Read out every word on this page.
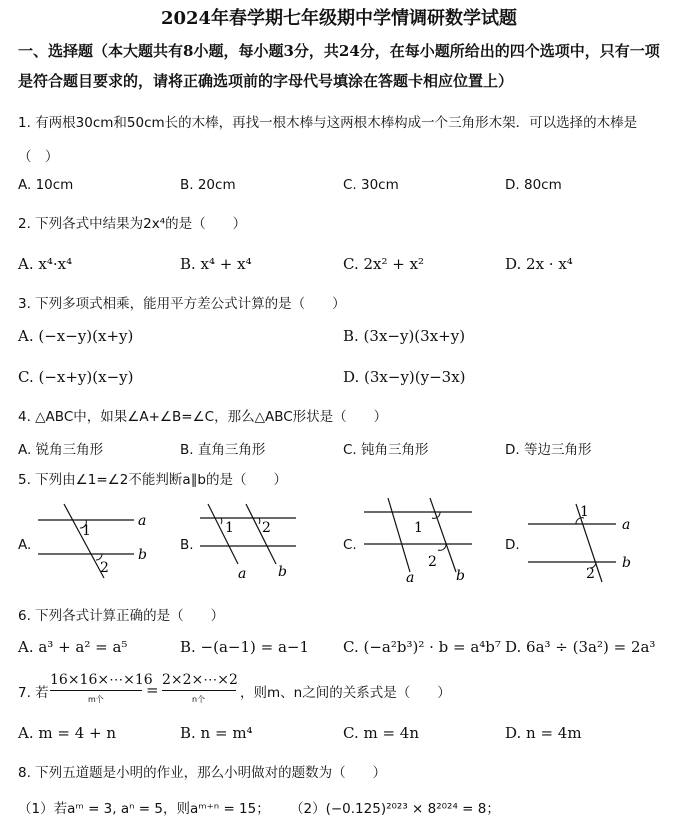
2024年春学期七年级期中学情调研数学试题
一、选择题（本大题共有8小题，每小题3分，共24分，在每小题所给出的四个选项中，只有一项是符合题目要求的，请将正确选项前的字母代号填涂在答题卡相应位置上）
1. 有两根30cm和50cm长的木棒，再找一根木棒与这两根木棒构成一个三角形木架．可以选择的木棒是
（　）
A. 10cm	B. 20cm	C. 30cm	D. 80cm
2. 下列各式中结果为2x⁴的是（　　）
A. x⁴·x⁴	B. x⁴ + x⁴	C. 2x² + x²	D. 2x · x⁴
3. 下列多项式相乘，能用平方差公式计算的是（　　）
A. (−x−y)(x+y)	B. (3x−y)(3x+y)
C. (−x+y)(x−y)	D. (3x−y)(y−3x)
4. △ABC中，如果∠A+∠B=∠C，那么△ABC形状是（　　）
A. 锐角三角形	B. 直角三角形	C. 钝角三角形	D. 等边三角形
5. 下列由∠1=∠2不能判断a∥b的是（　　）
A.	B.	C.	D.
1
2
a
b
1 2
a b
1
2
a	b
1
2
a
b
6. 下列各式计算正确的是（　　）
A. a³ + a² = a⁵	B. −(a−1) = a−1 C. (−a²b³)² · b = a⁴b⁷ D. 6a³ ÷ (3a²) = 2a³
7. 若
16×16×⋯×16
m个
=
2×2×⋯×2
n个	，则m、n之间的关系式是（　　）
A. m = 4 + n	B. n = m⁴	C. m = 4n	D. n = 4m
8. 下列五道题是小明的作业，那么小明做对的题数为（　　）
（1）若aᵐ = 3, aⁿ = 5，则aᵐ⁺ⁿ = 15； （2）(−0.125)²⁰²³ × 8²⁰²⁴ = 8；
